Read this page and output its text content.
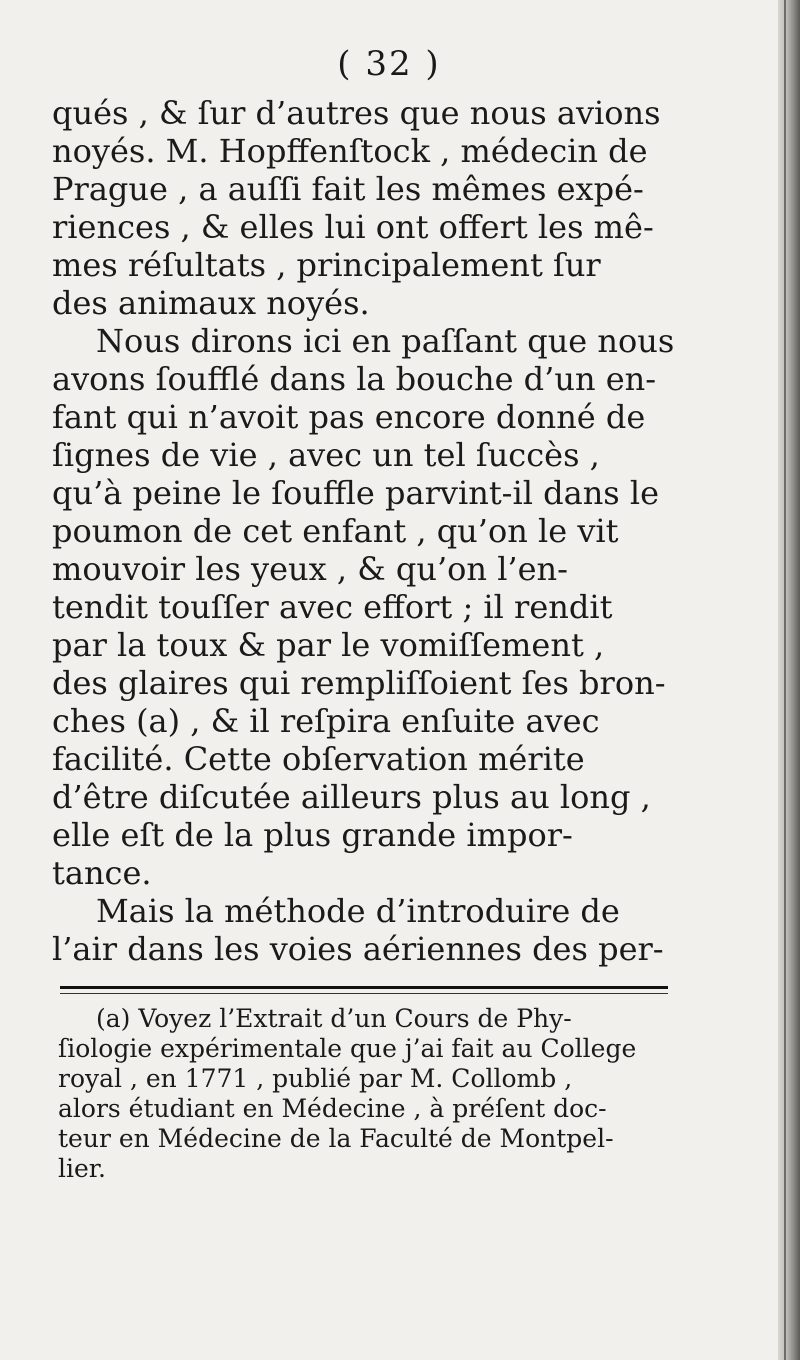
( 32 )
qués , & ſur d’autres que nous avions
noyés. M. Hopffenſtock , médecin de
Prague , a auſſi fait les mêmes expé-
riences , & elles lui ont offert les mê-
mes réſultats , principalement ſur
des animaux noyés.
Nous dirons ici en paſſant que nous
avons ſoufflé dans la bouche d’un en-
fant qui n’avoit pas encore donné de
ſignes de vie , avec un tel ſuccès ,
qu’à peine le ſouffle parvint-il dans le
poumon de cet enfant , qu’on le vit
mouvoir les yeux , & qu’on l’en-
tendit touſſer avec effort ; il rendit
par la toux & par le vomiſſement ,
des glaires qui rempliſſoient ſes bron-
ches (a) , & il reſpira enſuite avec
facilité. Cette obſervation mérite
d’être diſcutée ailleurs plus au long ,
elle eſt de la plus grande impor-
tance.
Mais la méthode d’introduire de
l’air dans les voies aériennes des per-
(a) Voyez l’Extrait d’un Cours de Phy-
ſiologie expérimentale que j’ai fait au College
royal , en 1771 , publié par M. Collomb ,
alors étudiant en Médecine , à préſent doc-
teur en Médecine de la Faculté de Montpel-
lier.
